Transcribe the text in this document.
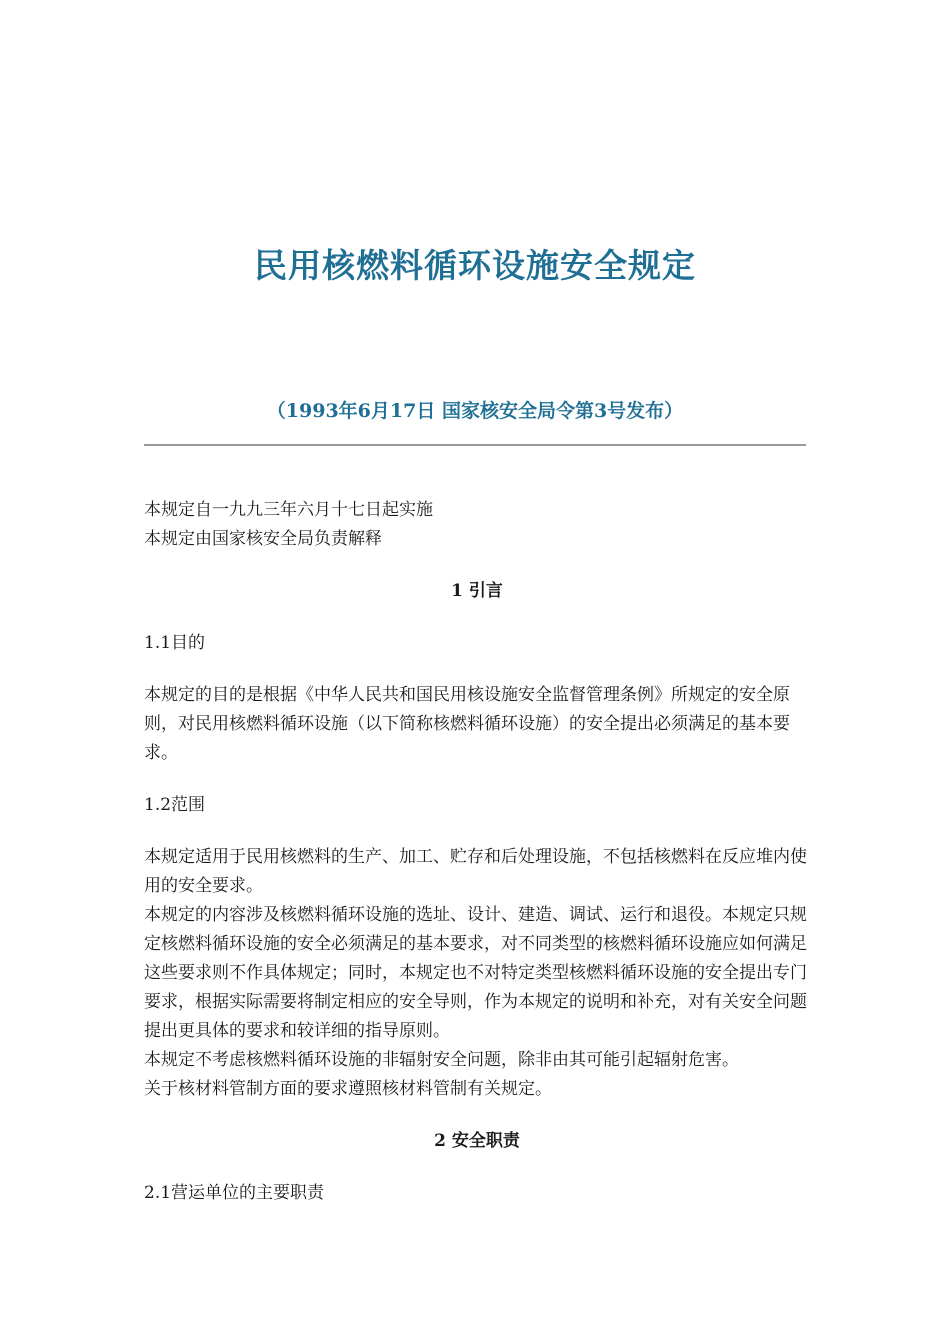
民用核燃料循环设施安全规定
（1993年6月17日 国家核安全局令第3号发布）

本规定自一九九三年六月十七日起实施

本规定由国家核安全局负责解释

1 引言

1.1目的

本规定的目的是根据《中华人民共和国民用核设施安全监督管理条例》所规定的安全原则，对民用核燃料循环设施（以下简称核燃料循环设施）的安全提出必须满足的基本要求。

1.2范围

本规定适用于民用核燃料的生产、加工、贮存和后处理设施，不包括核燃料在反应堆内使用的安全要求。

本规定的内容涉及核燃料循环设施的选址、设计、建造、调试、运行和退役。本规定只规定核燃料循环设施的安全必须满足的基本要求，对不同类型的核燃料循环设施应如何满足这些要求则不作具体规定；同时，本规定也不对特定类型核燃料循环设施的安全提出专门要求，根据实际需要将制定相应的安全导则，作为本规定的说明和补充，对有关安全问题提出更具体的要求和较详细的指导原则。

本规定不考虑核燃料循环设施的非辐射安全问题，除非由其可能引起辐射危害。

关于核材料管制方面的要求遵照核材料管制有关规定。

2 安全职责

2.1营运单位的主要职责
